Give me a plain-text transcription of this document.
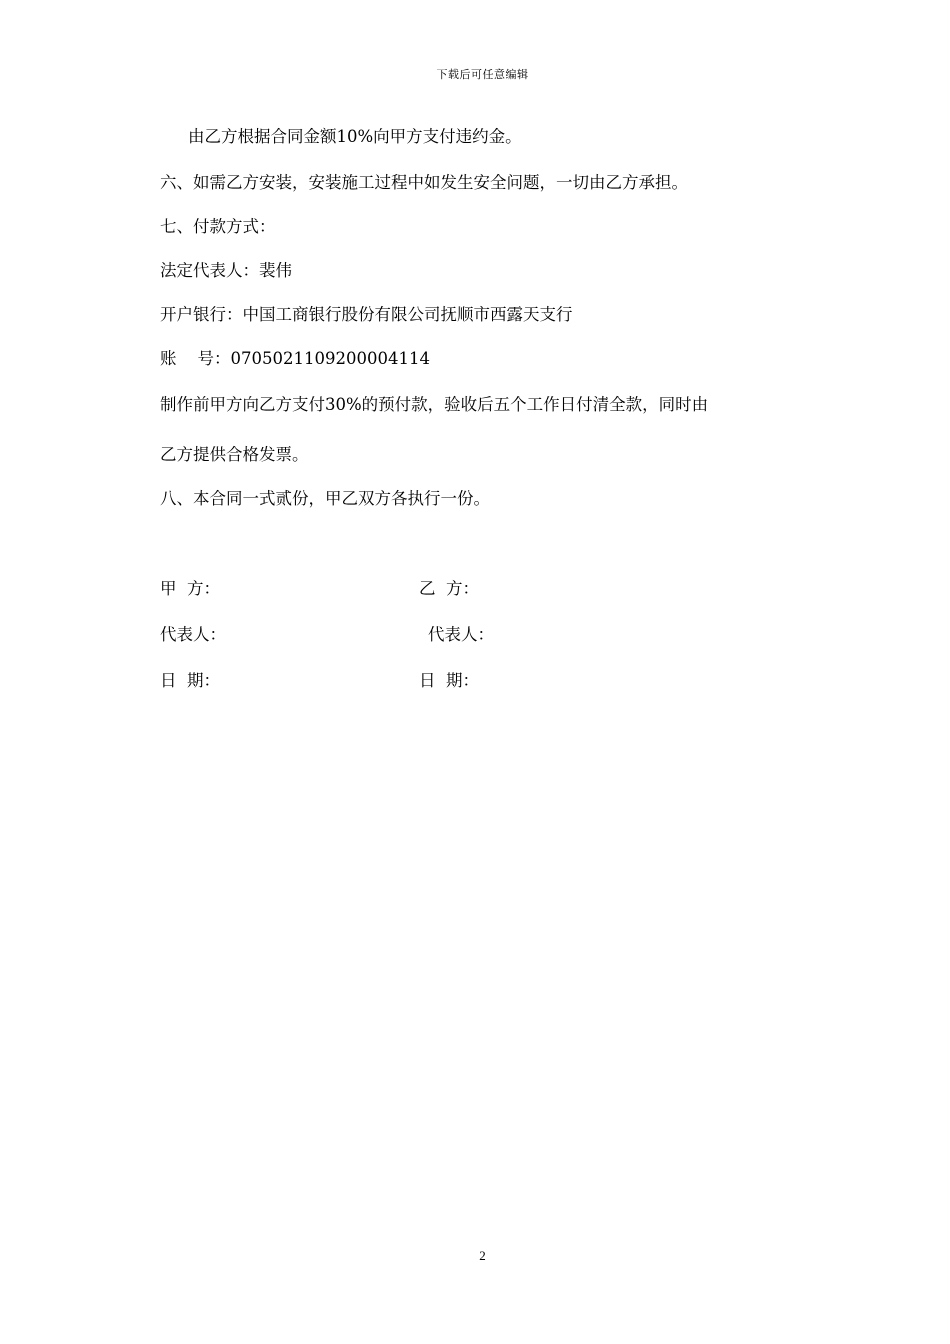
下载后可任意编辑
由乙方根据合同金额10%向甲方支付违约金。
六、如需乙方安装，安装施工过程中如发生安全问题，一切由乙方承担。
七、付款方式：
法定代表人：裴伟
开户银行：中国工商银行股份有限公司抚顺市西露天支行
账    号：0705021109200004114
制作前甲方向乙方支付30%的预付款，验收后五个工作日付清全款，同时由
乙方提供合格发票。
八、本合同一式贰份，甲乙双方各执行一份。
甲  方：	乙  方：
代表人：	代表人：
日  期：	日  期：
2
